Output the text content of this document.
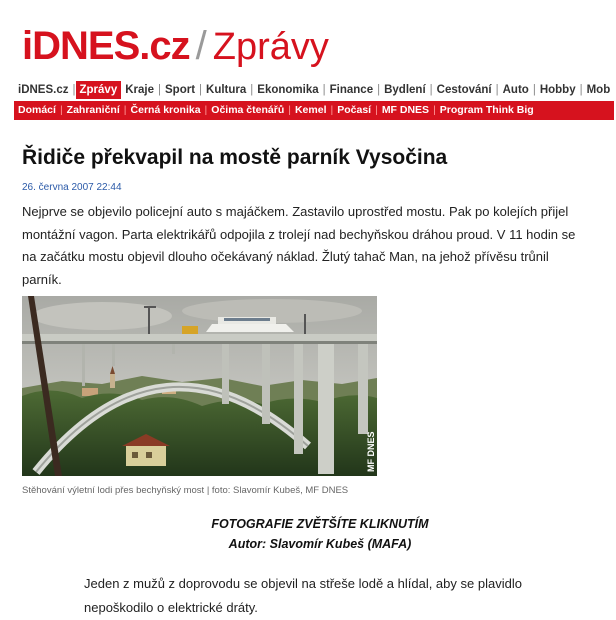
iDNES.cz / Zprávy
iDNES.cz | Zprávy Kraje | Sport | Kultura | Ekonomika | Finance | Bydlení | Cestování | Auto | Hobby | Mob
Domácí | Zahraniční | Černá kronika | Očima čtenářů | Kemel | Počasí | MF DNES | Program Think Big
Řidiče překvapil na mostě parník Vysočina
26. června 2007 22:44

Nejprve se objevilo policejní auto s majáčkem. Zastavilo uprostřed mostu. Pak po kolejích přijel montážní vagon. Parta elektrikářů odpojila z trolejí nad bechyňskou dráhou proud. V 11 hodin se na začátku mostu objevil dlouho očekávaný náklad. Žlutý tahač Man, na jehož přívěsu trůnil parník.

MF DNES
Stěhování výletní lodi přes bechyňský most | foto: Slavomír Kubeš, MF DNES
FOTOGRAFIE ZVĚTŠÍTE KLIKNUTÍM
Autor: Slavomír Kubeš (MAFA)

Jeden z mužů z doprovodu se objevil na střeše lodě a hlídal, aby se plavidlo nepoškodilo o elektrické dráty.
